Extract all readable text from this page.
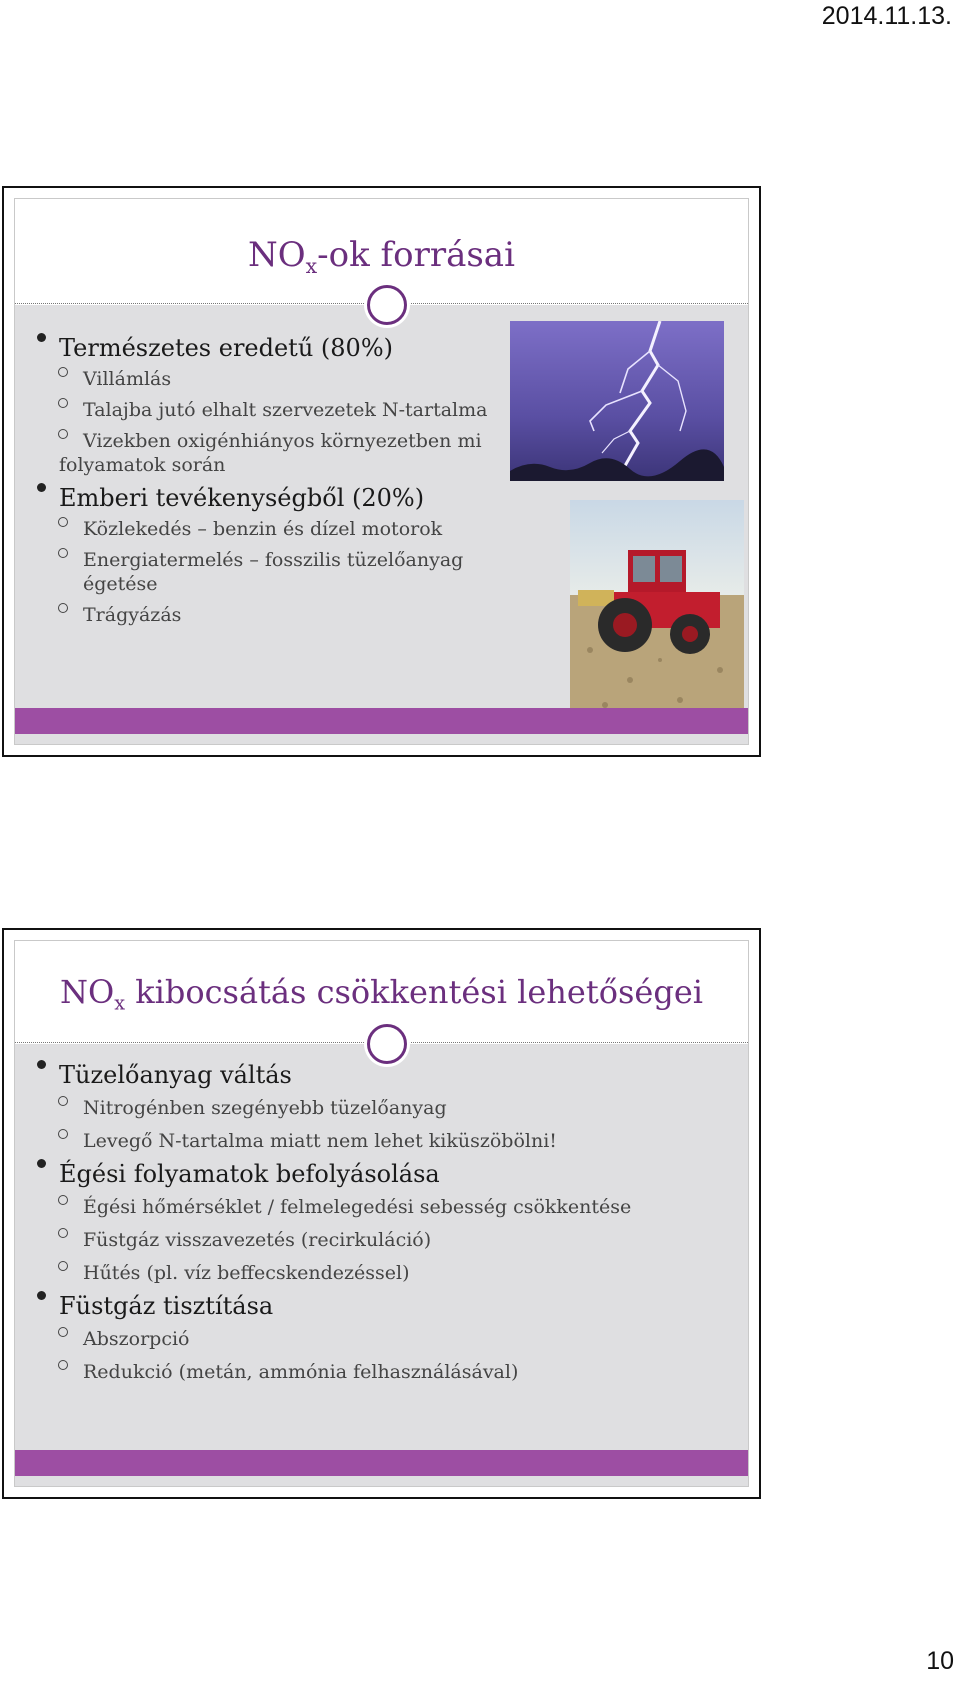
2014.11.13.
$NO_x-ok$ forrásai
Természetes eredetű (80%)
Villámlás
Talajba jutó elhalt szervezetek N-tartalma
Vizekben oxigénhiányos környezetben mi
folyamatok során
Emberi tevékenységből (20%)
Közlekedés – benzin és dízel motorok
Energiatermelés – fosszilis tüzelőanyag égetése
Trágyázás
$NO_x$ kibocsátás csökkentési lehetőségei
Tüzelőanyag váltás
Nitrogénben szegényebb tüzelőanyag
Levegő N-tartalma miatt nem lehet kiküszöbölni!
Égési folyamatok befolyásolása
Égési hőmérséklet / felmelegedési sebesség csökkentése
Füstgáz visszavezetés (recirkuláció)
Hűtés (pl. víz beffecskendezéssel)
Füstgáz tisztítása
Abszorpció
Redukció (metán, ammónia felhasználásával)
10
